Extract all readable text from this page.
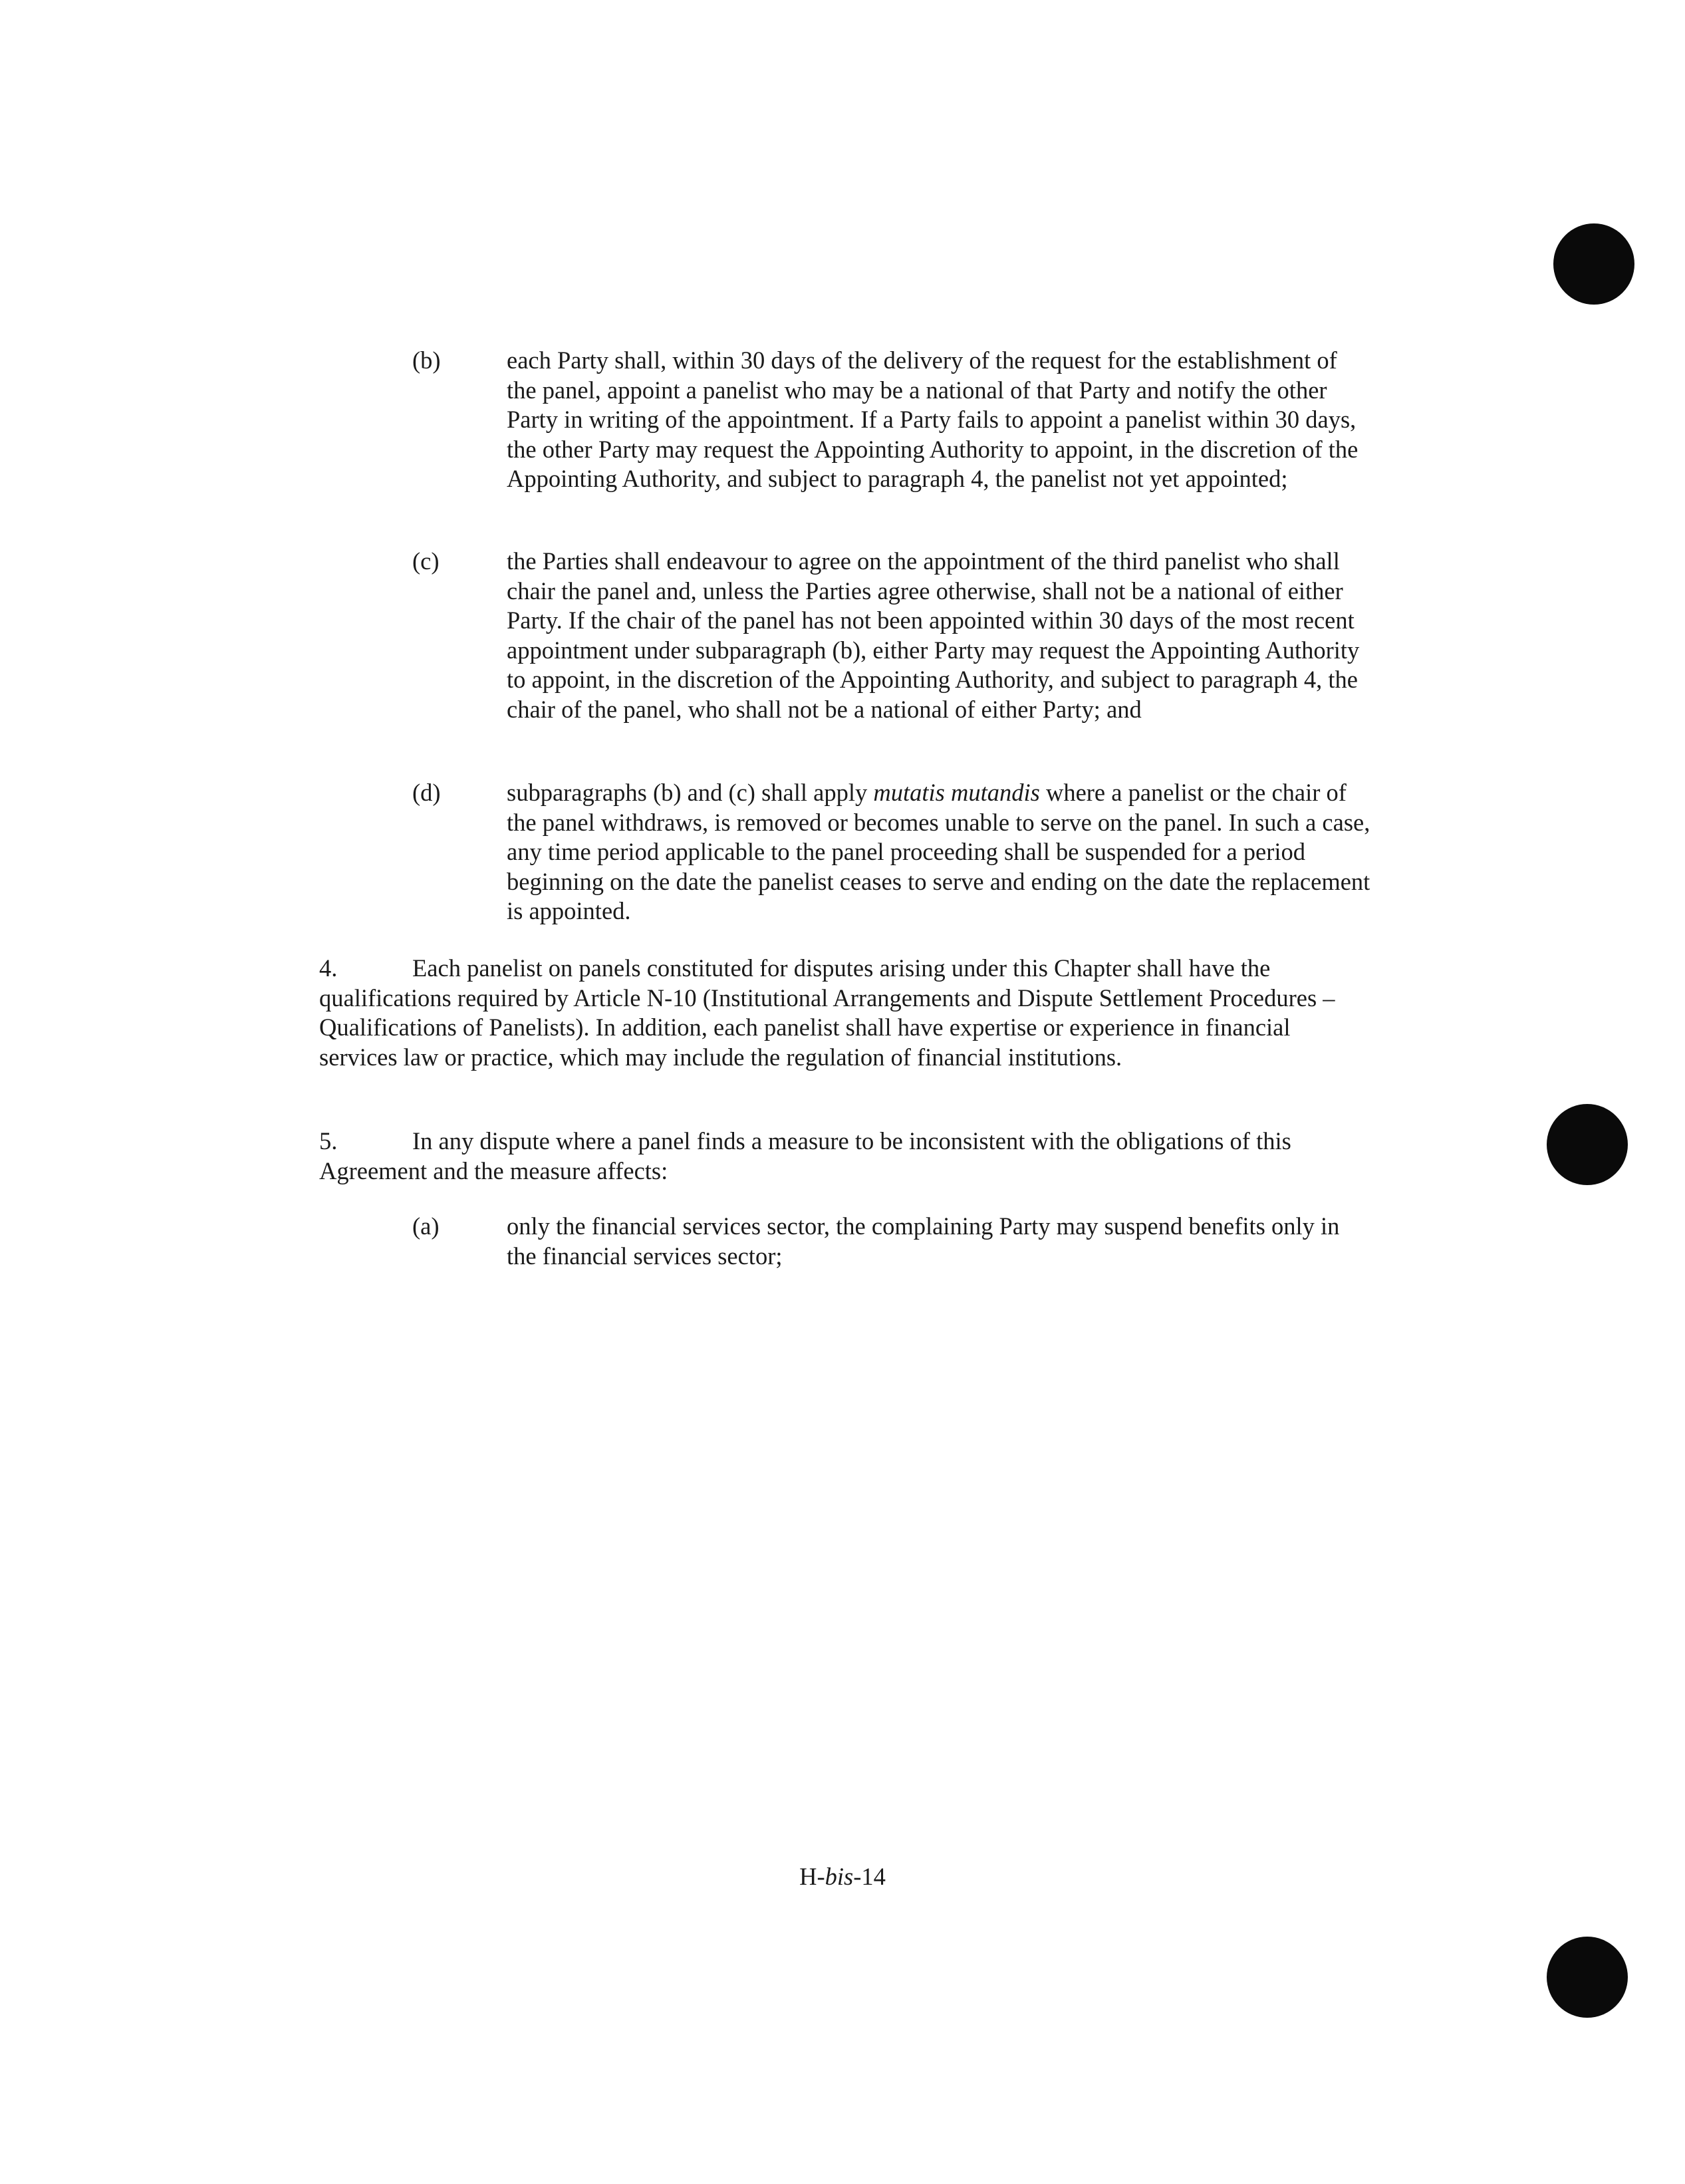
(b)	each Party shall, within 30 days of the delivery of the request for the establishment of the panel, appoint a panelist who may be a national of that Party and notify the other Party in writing of the appointment. If a Party fails to appoint a panelist within 30 days, the other Party may request the Appointing Authority to appoint, in the discretion of the Appointing Authority, and subject to paragraph 4, the panelist not yet appointed;
(c)	the Parties shall endeavour to agree on the appointment of the third panelist who shall chair the panel and, unless the Parties agree otherwise, shall not be a national of either Party. If the chair of the panel has not been appointed within 30 days of the most recent appointment under subparagraph (b), either Party may request the Appointing Authority to appoint, in the discretion of the Appointing Authority, and subject to paragraph 4, the chair of the panel, who shall not be a national of either Party; and
(d)	subparagraphs (b) and (c) shall apply mutatis mutandis where a panelist or the chair of the panel withdraws, is removed or becomes unable to serve on the panel. In such a case, any time period applicable to the panel proceeding shall be suspended for a period beginning on the date the panelist ceases to serve and ending on the date the replacement is appointed.
4.	Each panelist on panels constituted for disputes arising under this Chapter shall have the qualifications required by Article N-10 (Institutional Arrangements and Dispute Settlement Procedures – Qualifications of Panelists). In addition, each panelist shall have expertise or experience in financial services law or practice, which may include the regulation of financial institutions.
5.	In any dispute where a panel finds a measure to be inconsistent with the obligations of this Agreement and the measure affects:
(a)	only the financial services sector, the complaining Party may suspend benefits only in the financial services sector;
H-bis-14
